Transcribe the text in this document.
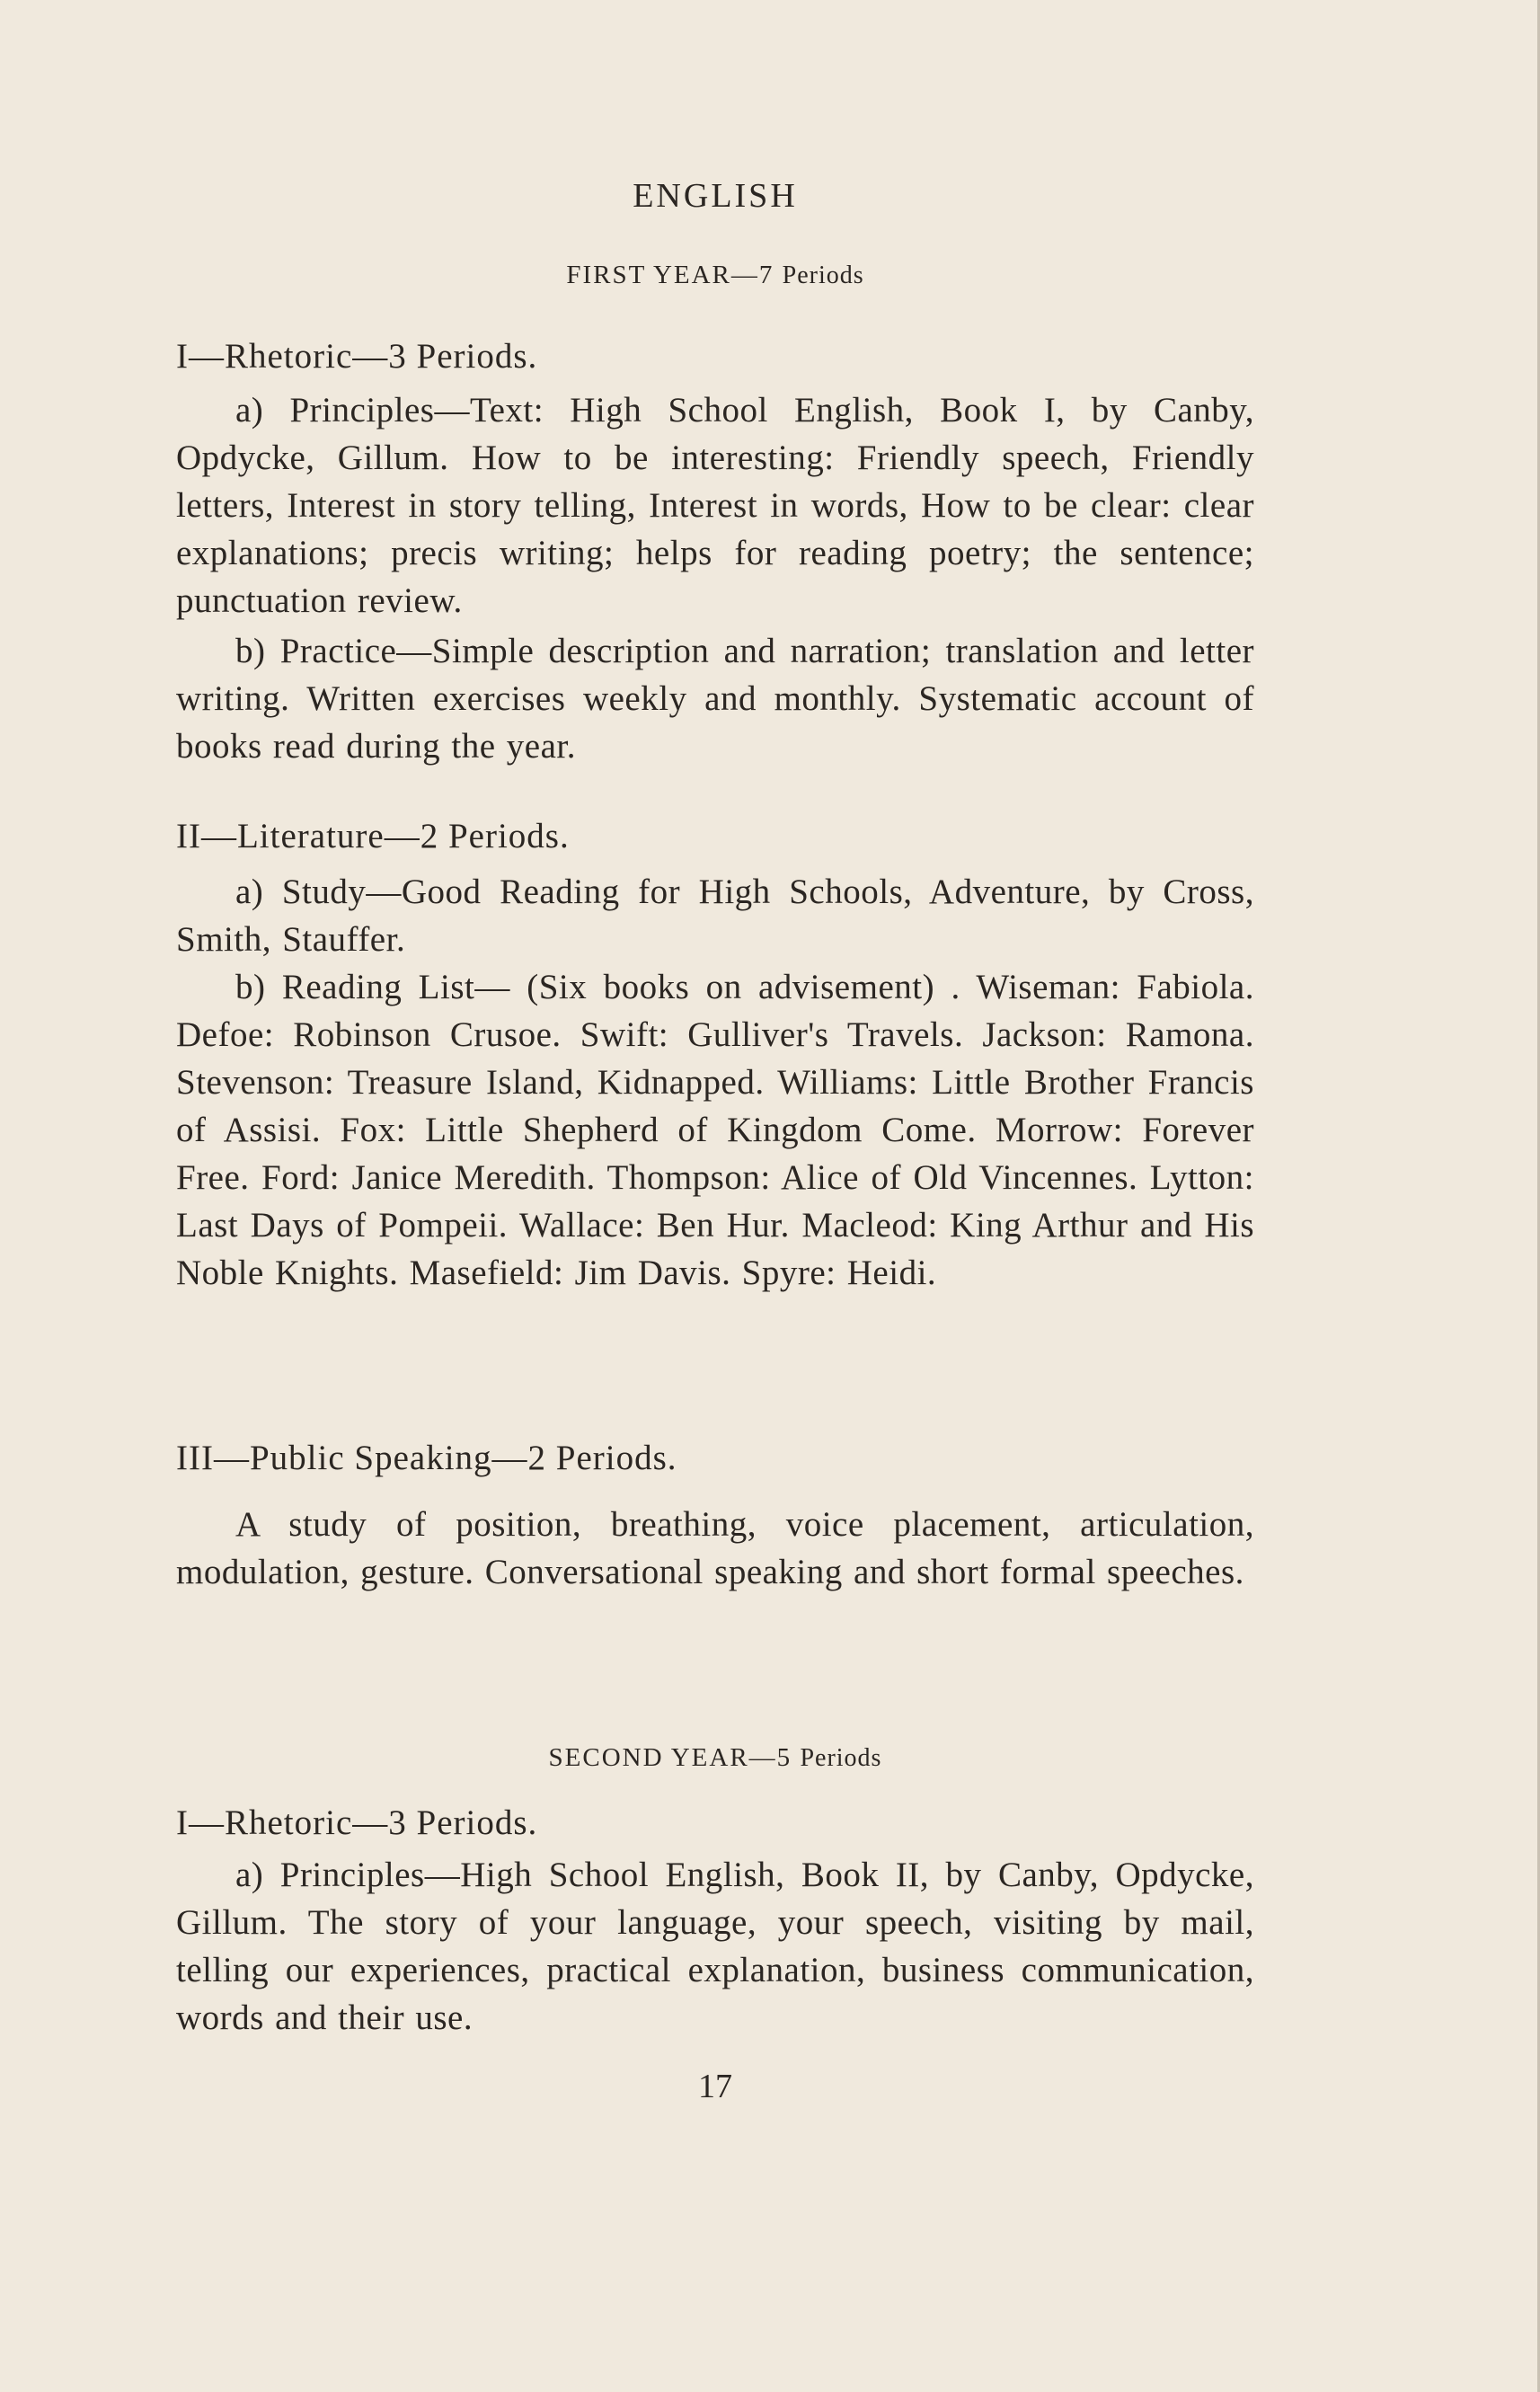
ENGLISH
FIRST YEAR—7 Periods
I—Rhetoric—3 Periods.

a) Principles—Text: High School English, Book I, by Canby, Opdycke, Gillum. How to be interesting: Friendly speech, Friendly letters, Interest in story telling, Interest in words, How to be clear: clear explanations; precis writing; helps for reading poetry; the sentence; punctuation review.

b) Practice—Simple description and narration; translation and letter writing. Written exercises weekly and monthly. Systematic account of books read during the year.

II—Literature—2 Periods.

a) Study—Good Reading for High Schools, Adventure, by Cross, Smith, Stauffer.

b) Reading List— (Six books on advisement) . Wiseman: Fabiola. Defoe: Robinson Crusoe. Swift: Gulliver's Travels. Jackson: Ramona. Stevenson: Treasure Island, Kidnapped. Williams: Little Brother Francis of Assisi. Fox: Little Shepherd of Kingdom Come. Morrow: Forever Free. Ford: Janice Meredith. Thompson: Alice of Old Vincennes. Lytton: Last Days of Pompeii. Wallace: Ben Hur. Macleod: King Arthur and His Noble Knights. Masefield: Jim Davis. Spyre: Heidi.

III—Public Speaking—2 Periods.

A study of position, breathing, voice placement, articulation, modulation, gesture. Conversational speaking and short formal speeches.

SECOND YEAR—5 Periods
I—Rhetoric—3 Periods.

a) Principles—High School English, Book II, by Canby, Opdycke, Gillum. The story of your language, your speech, visiting by mail, telling our experiences, practical explanation, business communication, words and their use.

17
